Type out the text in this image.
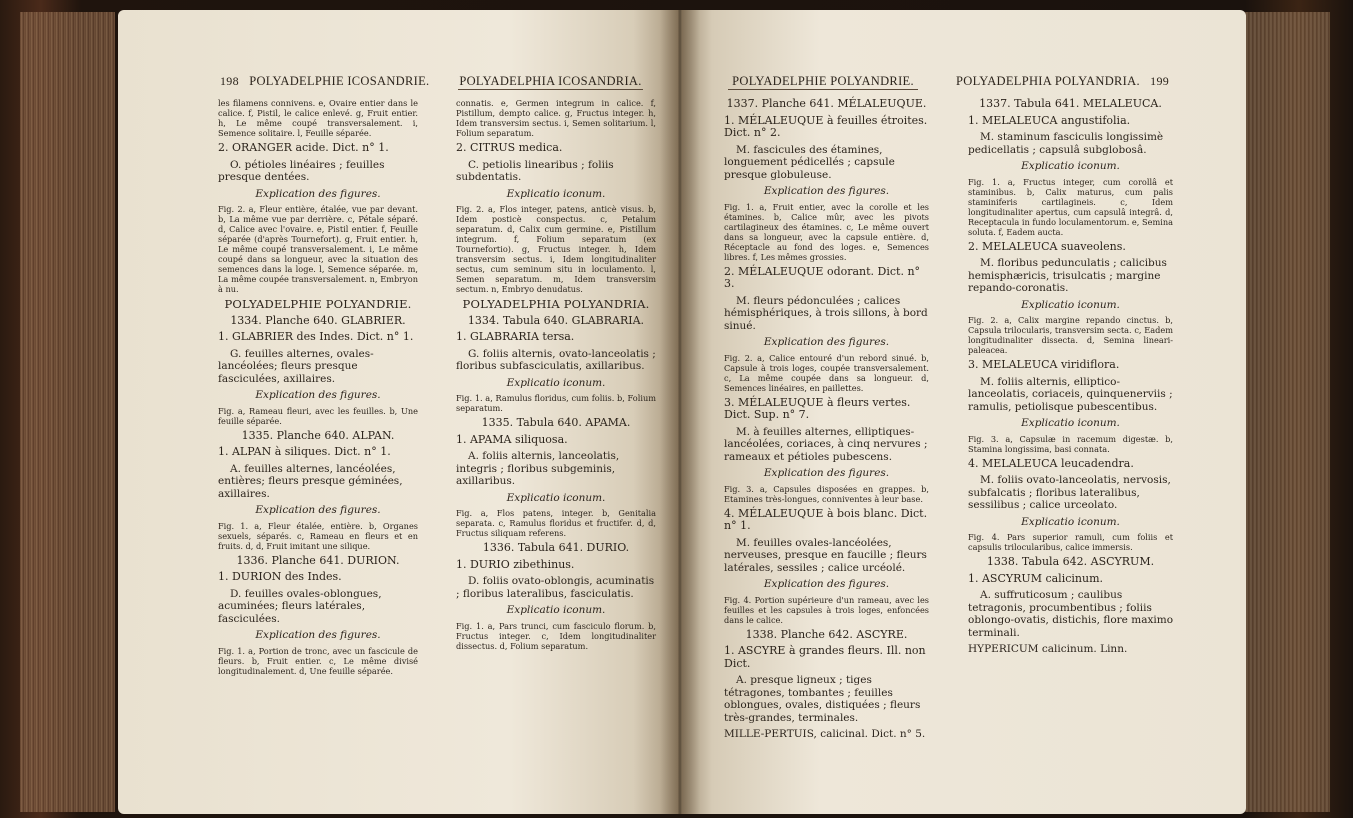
198 POLYADELPHIE ICOSANDRIE. POLYADELPHIA ICOSANDRIA.

les filamens connivens. e, Ovaire entier dans le calice. f, Pistil, le calice enlevé. g, Fruit entier. h, Le même coupé transversalement. i, Semence solitaire. l, Feuille séparée.

2. ORANGER acide. Dict. n° 1.

O. pétioles linéaires ; feuilles presque dentées.

Explication des figures.

Fig. 2. a, Fleur entière, étalée, vue par devant. b, La même vue par derrière. c, Pétale séparé. d, Calice avec l'ovaire. e, Pistil entier. f, Feuille séparée (d'après Tournefort). g, Fruit entier. h, Le même coupé transversalement. i, Le même coupé dans sa longueur, avec la situation des semences dans la loge. l, Semence séparée. m, La même coupée transversalement. n, Embryon à nu.

POLYADELPHIE POLYANDRIE.

1334. Planche 640. GLABRIER.

1. GLABRIER des Indes. Dict. n° 1.

G. feuilles alternes, ovales-lancéolées; fleurs presque fasciculées, axillaires.

Explication des figures.

Fig. a, Rameau fleuri, avec les feuilles. b, Une feuille séparée.

1335. Planche 640. ALPAN.

1. ALPAN à siliques. Dict. n° 1.

A. feuilles alternes, lancéolées, entières; fleurs presque géminées, axillaires.

Explication des figures.

Fig. 1. a, Fleur étalée, entière. b, Organes sexuels, séparés. c, Rameau en fleurs et en fruits. d, d, Fruit imitant une silique.

1336. Planche 641. DURION.

1. DURION des Indes.

D. feuilles ovales-oblongues, acuminées; fleurs latérales, fasciculées.

Explication des figures.

Fig. 1. a, Portion de tronc, avec un fascicule de fleurs. b, Fruit entier. c, Le même divisé longitudinalement. d, Une feuille séparée.

connatis. e, Germen integrum in calice. f, Pistillum, dempto calice. g, Fructus integer. h, Idem transversim sectus. i, Semen solitarium. l, Folium separatum.

2. CITRUS medica.

C. petiolis linearibus ; foliis subdentatis.

Explicatio iconum.

Fig. 2. a, Flos integer, patens, anticè visus. b, Idem posticè conspectus. c, Petalum separatum. d, Calix cum germine. e, Pistillum integrum. f, Folium separatum (ex Tournefortio). g, Fructus integer. h, Idem transversim sectus. i, Idem longitudinaliter sectus, cum seminum situ in loculamento. l, Semen separatum. m, Idem transversim sectum. n, Embryo denudatus.

POLYADELPHIA POLYANDRIA.

1334. Tabula 640. GLABRARIA.

1. GLABRARIA tersa.

G. foliis alternis, ovato-lanceolatis ; floribus subfasciculatis, axillaribus.

Explicatio iconum.

Fig. 1. a, Ramulus floridus, cum foliis. b, Folium separatum.

1335. Tabula 640. APAMA.

1. APAMA siliquosa.

A. foliis alternis, lanceolatis, integris ; floribus subgeminis, axillaribus.

Explicatio iconum.

Fig. a, Flos patens, integer. b, Genitalia separata. c, Ramulus floridus et fructifer. d, d, Fructus siliquam referens.

1336. Tabula 641. DURIO.

1. DURIO zibethinus.

D. foliis ovato-oblongis, acuminatis ; floribus lateralibus, fasciculatis.

Explicatio iconum.

Fig. 1. a, Pars trunci, cum fasciculo florum. b, Fructus integer. c, Idem longitudinaliter dissectus. d, Folium separatum.

POLYADELPHIE POLYANDRIE.	POLYADELPHIA POLYANDRIA. 199

1337. Planche 641. MÉLALEUQUE.

1. MÉLALEUQUE à feuilles étroites. Dict. n° 2.

M. fascicules des étamines, longuement pédicellés ; capsule presque globuleuse.

Explication des figures.

Fig. 1. a, Fruit entier, avec la corolle et les étamines. b, Calice mûr, avec les pivots cartilagineux des étamines. c, Le même ouvert dans sa longueur, avec la capsule entière. d, Réceptacle au fond des loges. e, Semences libres. f, Les mêmes grossies.

2. MÉLALEUQUE odorant. Dict. n° 3.

M. fleurs pédonculées ; calices hémisphériques, à trois sillons, à bord sinué.

Explication des figures.

Fig. 2. a, Calice entouré d'un rebord sinué. b, Capsule à trois loges, coupée transversalement. c, La même coupée dans sa longueur. d, Semences linéaires, en paillettes.

3. MÉLALEUQUE à fleurs vertes. Dict. Sup. n° 7.

M. à feuilles alternes, elliptiques-lancéolées, coriaces, à cinq nervures ; rameaux et pétioles pubescens.

Explication des figures.

Fig. 3. a, Capsules disposées en grappes. b, Etamines très-longues, conniventes à leur base.

4. MÉLALEUQUE à bois blanc. Dict. n° 1.

M. feuilles ovales-lancéolées, nerveuses, presque en faucille ; fleurs latérales, sessiles ; calice urcéolé.

Explication des figures.

Fig. 4. Portion supérieure d'un rameau, avec les feuilles et les capsules à trois loges, enfoncées dans le calice.

1338. Planche 642. ASCYRE.

1. ASCYRE à grandes fleurs. Ill. non Dict.

A. presque ligneux ; tiges tétragones, tombantes ; feuilles oblongues, ovales, distiquées ; fleurs très-grandes, terminales.

MILLE-PERTUIS, calicinal. Dict. n° 5.

1337. Tabula 641. MELALEUCA.

1. MELALEUCA angustifolia.

M. staminum fasciculis longissimè pedicellatis ; capsulâ subglobosâ.

Explicatio iconum.

Fig. 1. a, Fructus integer, cum corollâ et staminibus. b, Calix maturus, cum palis staminiferis cartilagineis. c, Idem longitudinaliter apertus, cum capsulâ integrâ. d, Receptacula in fundo loculamentorum. e, Semina soluta. f, Eadem aucta.

2. MELALEUCA suaveolens.

M. floribus pedunculatis ; calicibus hemisphæricis, trisulcatis ; margine repando-coronatis.

Explicatio iconum.

Fig. 2. a, Calix margine repando cinctus. b, Capsula trilocularis, transversim secta. c, Eadem longitudinaliter dissecta. d, Semina lineari-paleacea.

3. MELALEUCA viridiflora.

M. foliis alternis, elliptico-lanceolatis, coriaceis, quinquenerviis ; ramulis, petiolisque pubescentibus.

Explicatio iconum.

Fig. 3. a, Capsulæ in racemum digestæ. b, Stamina longissima, basi connata.

4. MELALEUCA leucadendra.

M. foliis ovato-lanceolatis, nervosis, subfalcatis ; floribus lateralibus, sessilibus ; calice urceolato.

Explicatio iconum.

Fig. 4. Pars superior ramuli, cum foliis et capsulis trilocularibus, calice immersis.

1338. Tabula 642. ASCYRUM.

1. ASCYRUM calicinum.

A. suffruticosum ; caulibus tetragonis, procumbentibus ; foliis oblongo-ovatis, distichis, flore maximo terminali.

HYPERICUM calicinum. Linn.
